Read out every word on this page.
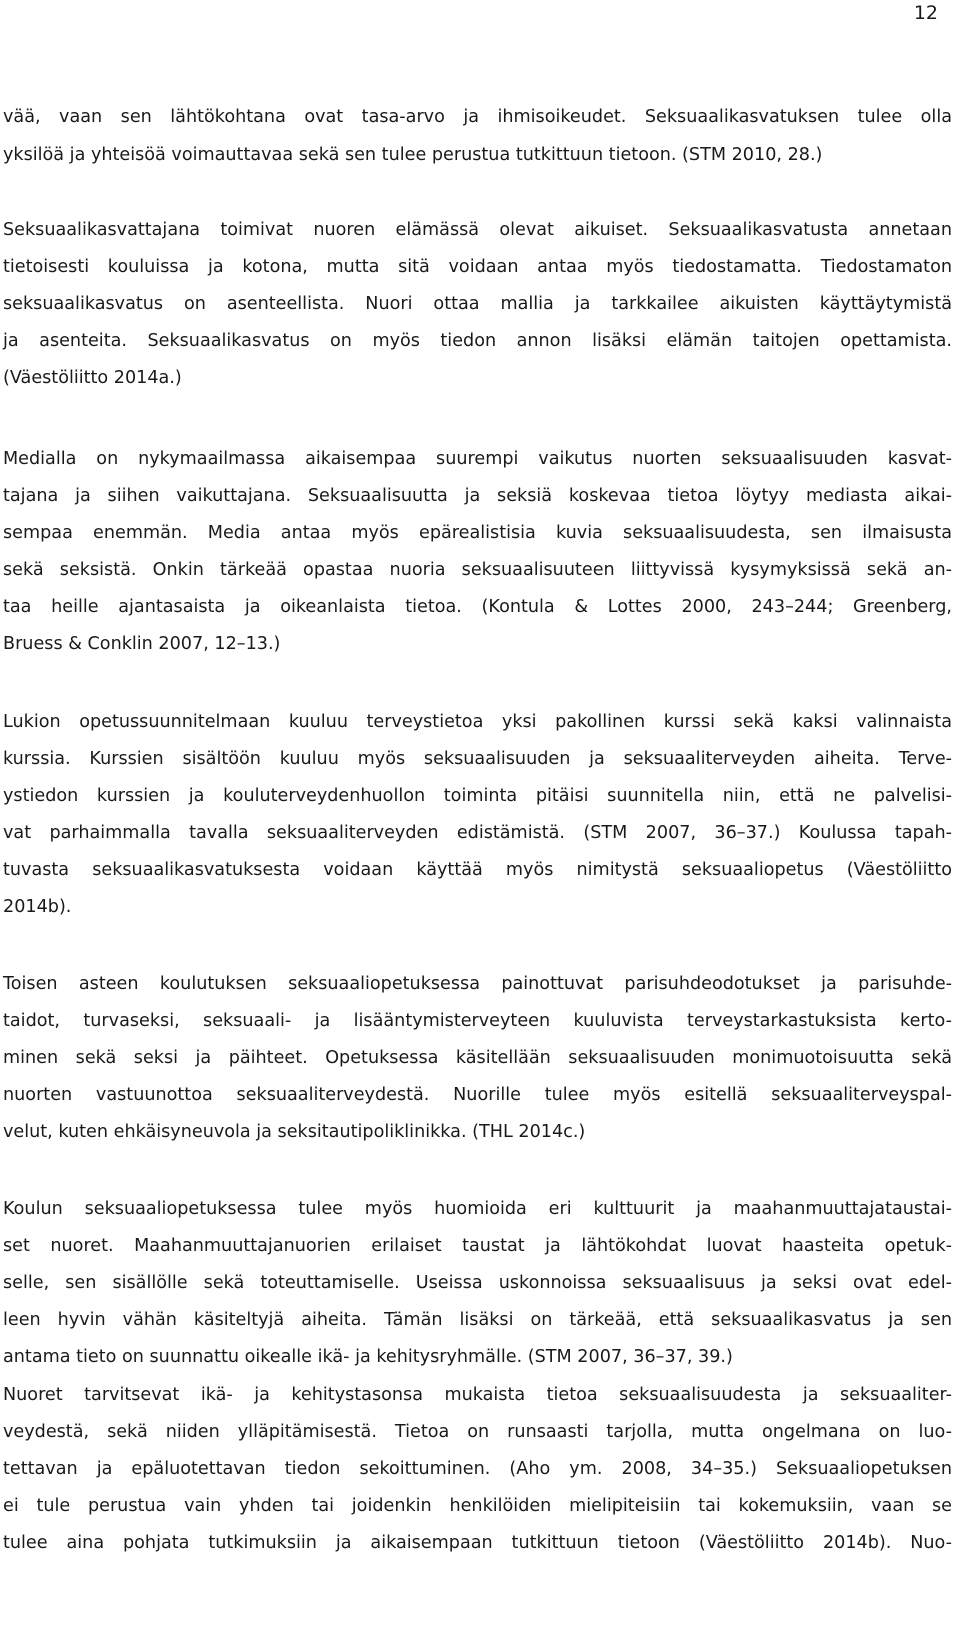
12
vää, vaan sen lähtökohtana ovat tasa-arvo ja ihmisoikeudet. Seksuaalikasvatuksen tulee olla
yksilöä ja yhteisöä voimauttavaa sekä sen tulee perustua tutkittuun tietoon. (STM 2010, 28.)
Seksuaalikasvattajana toimivat nuoren elämässä olevat aikuiset. Seksuaalikasvatusta annetaan
tietoisesti kouluissa ja kotona, mutta sitä voidaan antaa myös tiedostamatta. Tiedostamaton
seksuaalikasvatus on asenteellista. Nuori ottaa mallia ja tarkkailee aikuisten käyttäytymistä
ja asenteita. Seksuaalikasvatus on myös tiedon annon lisäksi elämän taitojen opettamista.
(Väestöliitto 2014a.)
Medialla on nykymaailmassa aikaisempaa suurempi vaikutus nuorten seksuaalisuuden kasvat-
tajana ja siihen vaikuttajana. Seksuaalisuutta ja seksiä koskevaa tietoa löytyy mediasta aikai-
sempaa enemmän. Media antaa myös epärealistisia kuvia seksuaalisuudesta, sen ilmaisusta
sekä seksistä. Onkin tärkeää opastaa nuoria seksuaalisuuteen liittyvissä kysymyksissä sekä an-
taa heille ajantasaista ja oikeanlaista tietoa. (Kontula & Lottes 2000, 243–244; Greenberg,
Bruess & Conklin 2007, 12–13.)
Lukion opetussuunnitelmaan kuuluu terveystietoa yksi pakollinen kurssi sekä kaksi valinnaista
kurssia. Kurssien sisältöön kuuluu myös seksuaalisuuden ja seksuaaliterveyden aiheita. Terve-
ystiedon kurssien ja kouluterveydenhuollon toiminta pitäisi suunnitella niin, että ne palvelisi-
vat parhaimmalla tavalla seksuaaliterveyden edistämistä. (STM 2007, 36–37.) Koulussa tapah-
tuvasta seksuaalikasvatuksesta voidaan käyttää myös nimitystä seksuaaliopetus (Väestöliitto
2014b).
Toisen asteen koulutuksen seksuaaliopetuksessa painottuvat parisuhdeodotukset ja parisuhde-
taidot, turvaseksi, seksuaali- ja lisääntymisterveyteen kuuluvista terveystarkastuksista kerto-
minen sekä seksi ja päihteet. Opetuksessa käsitellään seksuaalisuuden monimuotoisuutta sekä
nuorten vastuunottoa seksuaaliterveydestä. Nuorille tulee myös esitellä seksuaaliterveyspal-
velut, kuten ehkäisyneuvola ja seksitautipoliklinikka. (THL 2014c.)
Koulun seksuaaliopetuksessa tulee myös huomioida eri kulttuurit ja maahanmuuttajataustai-
set nuoret. Maahanmuuttajanuorien erilaiset taustat ja lähtökohdat luovat haasteita opetuk-
selle, sen sisällölle sekä toteuttamiselle. Useissa uskonnoissa seksuaalisuus ja seksi ovat edel-
leen hyvin vähän käsiteltyjä aiheita. Tämän lisäksi on tärkeää, että seksuaalikasvatus ja sen
antama tieto on suunnattu oikealle ikä- ja kehitysryhmälle. (STM 2007, 36–37, 39.)
Nuoret tarvitsevat ikä- ja kehitystasonsa mukaista tietoa seksuaalisuudesta ja seksuaaliter-
veydestä, sekä niiden ylläpitämisestä. Tietoa on runsaasti tarjolla, mutta ongelmana on luo-
tettavan ja epäluotettavan tiedon sekoittuminen. (Aho ym. 2008, 34–35.) Seksuaaliopetuksen
ei tule perustua vain yhden tai joidenkin henkilöiden mielipiteisiin tai kokemuksiin, vaan se
tulee aina pohjata tutkimuksiin ja aikaisempaan tutkittuun tietoon (Väestöliitto 2014b). Nuo-
